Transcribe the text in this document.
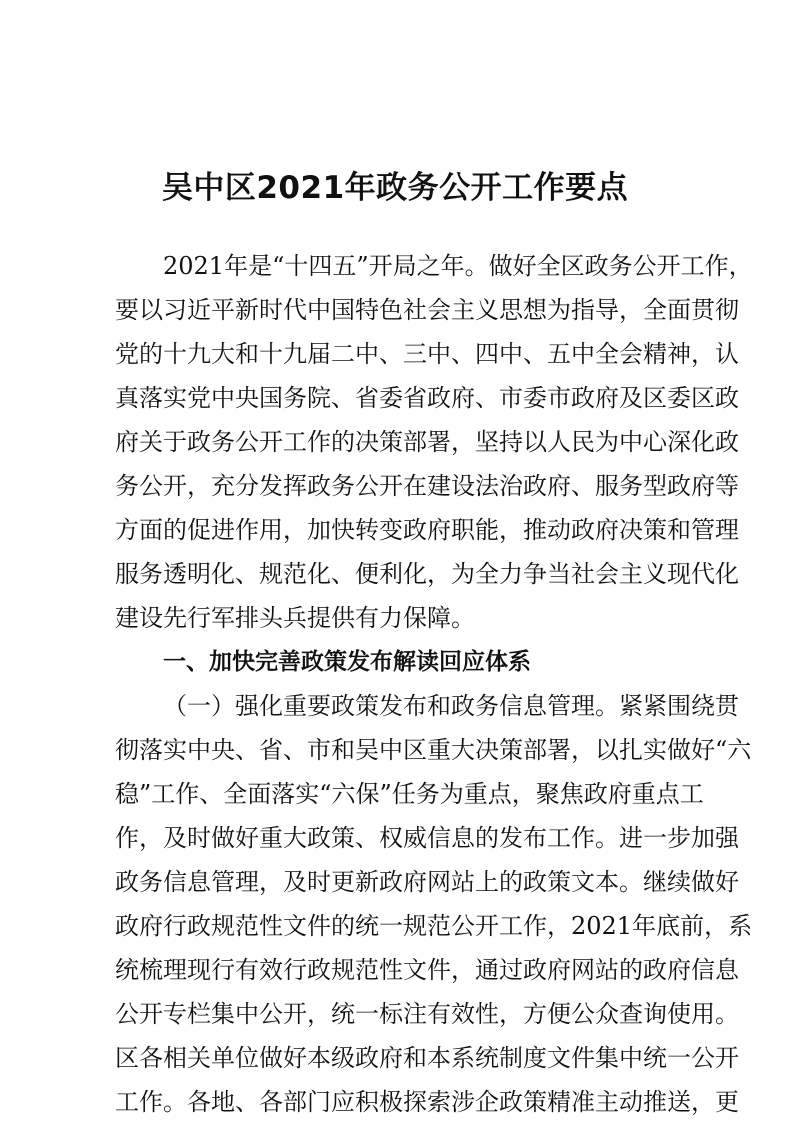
吴中区2021年政务公开工作要点
2021年是“十四五”开局之年。做好全区政务公开工作，
要以习近平新时代中国特色社会主义思想为指导，全面贯彻
党的十九大和十九届二中、三中、四中、五中全会精神，认
真落实党中央国务院、省委省政府、市委市政府及区委区政
府关于政务公开工作的决策部署，坚持以人民为中心深化政
务公开，充分发挥政务公开在建设法治政府、服务型政府等
方面的促进作用，加快转变政府职能，推动政府决策和管理
服务透明化、规范化、便利化，为全力争当社会主义现代化
建设先行军排头兵提供有力保障。
一、加快完善政策发布解读回应体系
（一）强化重要政策发布和政务信息管理。紧紧围绕贯
彻落实中央、省、市和吴中区重大决策部署，以扎实做好“六
稳”工作、全面落实“六保”任务为重点，聚焦政府重点工
作，及时做好重大政策、权威信息的发布工作。进一步加强
政务信息管理，及时更新政府网站上的政策文本。继续做好
政府行政规范性文件的统一规范公开工作，2021年底前，系
统梳理现行有效行政规范性文件，通过政府网站的政府信息
公开专栏集中公开，统一标注有效性，方便公众查询使用。
区各相关单位做好本级政府和本系统制度文件集中统一公开
工作。各地、各部门应积极探索涉企政策精准主动推送，更
